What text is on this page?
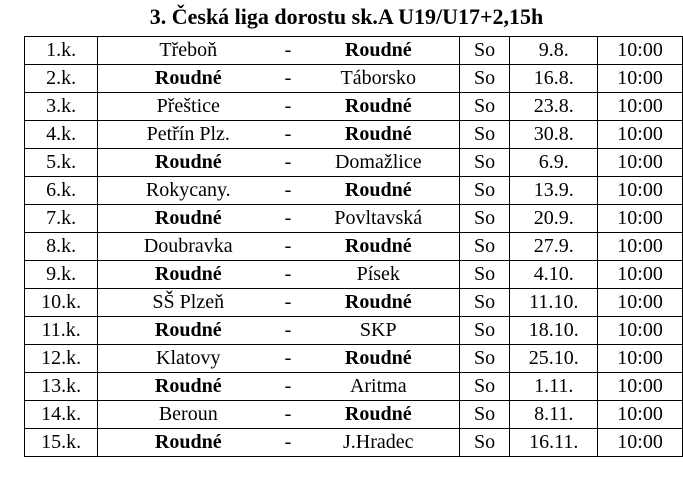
3. Česká liga dorostu sk.A U19/U17+2,15h
1.k.	Třeboň	-	Roudné	So	9.8.	10:00
2.k.	Roudné	-	Táborsko	So	16.8.	10:00
3.k.	Přeštice	-	Roudné	So	23.8.	10:00
4.k.	Petřín Plz.	-	Roudné	So	30.8.	10:00
5.k.	Roudné	-	Domažlice	So	6.9.	10:00
6.k.	Rokycany.	-	Roudné	So	13.9.	10:00
7.k.	Roudné	-	Povltavská	So	20.9.	10:00
8.k.	Doubravka	-	Roudné	So	27.9.	10:00
9.k.	Roudné	-	Písek	So	4.10.	10:00
10.k.	SŠ Plzeň	-	Roudné	So	11.10.	10:00
11.k.	Roudné	-	SKP	So	18.10.	10:00
12.k.	Klatovy	-	Roudné	So	25.10.	10:00
13.k.	Roudné	-	Aritma	So	1.11.	10:00
14.k.	Beroun	-	Roudné	So	8.11.	10:00
15.k.	Roudné	-	J.Hradec	So	16.11.	10:00
